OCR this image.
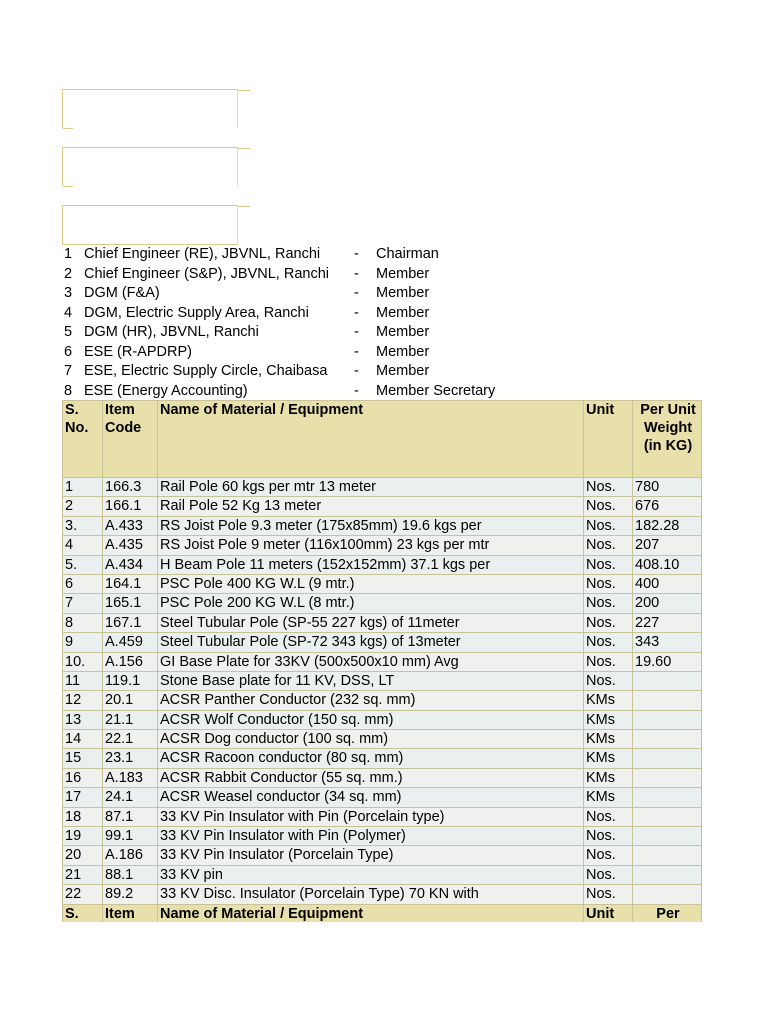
1 Chief Engineer (RE), JBVNL, Ranchi - Chairman
2 Chief Engineer (S&P), JBVNL, Ranchi - Member
3 DGM (F&A)	- Member
4 DGM, Electric Supply Area, Ranchi	- Member
5 DGM (HR), JBVNL, Ranchi	- Member
6 ESE (R-APDRP)	- Member
7 ESE, Electric Supply Circle, Chaibasa - Member
8 ESE (Energy Accounting)	- Member Secretary
S. No.	Item Code	Name of Material / Equipment	Unit	Per Unit Weight (in KG)	
1	166.3	Rail Pole 60 kgs per mtr 13 meter	Nos.	780	
2	166.1	Rail Pole 52 Kg 13 meter	Nos.	676	
3.	A.433	RS Joist Pole 9.3 meter (175x85mm) 19.6 kgs per	Nos.	182.28	
4	A.435	RS Joist Pole 9 meter (116x100mm) 23 kgs per mtr	Nos.	207	
5.	A.434	H Beam Pole 11 meters (152x152mm) 37.1 kgs per	Nos.	408.10	
6	164.1	PSC Pole 400 KG W.L (9 mtr.)	Nos.	400	
7	165.1	PSC Pole 200 KG W.L (8 mtr.)	Nos.	200	
8	167.1	Steel Tubular Pole (SP-55 227 kgs) of 11meter	Nos.	227	
9	A.459	Steel Tubular Pole (SP-72 343 kgs) of 13meter	Nos.	343	
10.	A.156	GI Base Plate for 33KV (500x500x10 mm) Avg	Nos.	19.60	
11	119.1	Stone Base plate for 11 KV, DSS, LT	Nos.		
12	20.1	ACSR Panther Conductor (232 sq. mm)	KMs		
13	21.1	ACSR Wolf Conductor (150 sq. mm)	KMs		
14	22.1	ACSR Dog conductor (100 sq. mm)	KMs		
15	23.1	ACSR Racoon conductor (80 sq. mm)	KMs		
16	A.183	ACSR Rabbit Conductor (55 sq. mm.)	KMs		
17	24.1	ACSR Weasel conductor (34 sq. mm)	KMs		
18	87.1	33 KV Pin Insulator with Pin (Porcelain type)	Nos.		
19	99.1	33 KV Pin Insulator with Pin (Polymer)	Nos.		
20	A.186	33 KV Pin Insulator (Porcelain Type)	Nos.		
21	88.1	33 KV pin	Nos.		
22	89.2	33 KV Disc. Insulator (Porcelain Type) 70 KN with	Nos.		
S.	Item	Name of Material / Equipment	Unit	Per	
